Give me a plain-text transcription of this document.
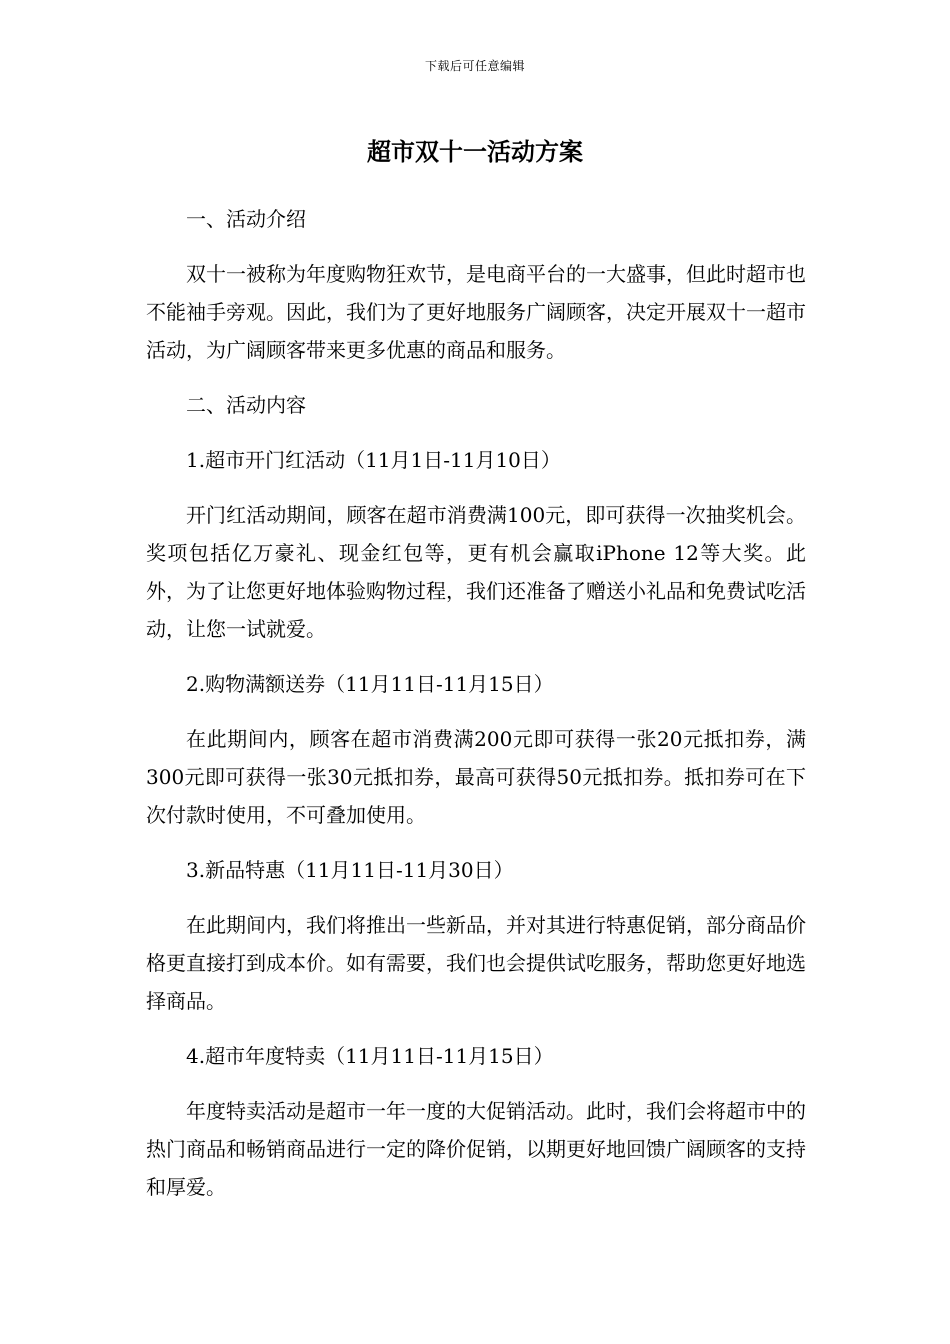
下载后可任意编辑
超市双十一活动方案

一、活动介绍

双十一被称为年度购物狂欢节，是电商平台的一大盛事，但此时超市也不能袖手旁观。因此，我们为了更好地服务广阔顾客，决定开展双十一超市活动，为广阔顾客带来更多优惠的商品和服务。

二、活动内容

1.超市开门红活动（11月1日-11月10日）

开门红活动期间，顾客在超市消费满100元，即可获得一次抽奖机会。奖项包括亿万豪礼、现金红包等，更有机会赢取iPhone 12等大奖。此外，为了让您更好地体验购物过程，我们还准备了赠送小礼品和免费试吃活动，让您一试就爱。

2.购物满额送券（11月11日-11月15日）

在此期间内，顾客在超市消费满200元即可获得一张20元抵扣券，满300元即可获得一张30元抵扣券，最高可获得50元抵扣券。抵扣券可在下次付款时使用，不可叠加使用。

3.新品特惠（11月11日-11月30日）

在此期间内，我们将推出一些新品，并对其进行特惠促销，部分商品价格更直接打到成本价。如有需要，我们也会提供试吃服务，帮助您更好地选择商品。

4.超市年度特卖（11月11日-11月15日）

年度特卖活动是超市一年一度的大促销活动。此时，我们会将超市中的热门商品和畅销商品进行一定的降价促销，以期更好地回馈广阔顾客的支持和厚爱。
